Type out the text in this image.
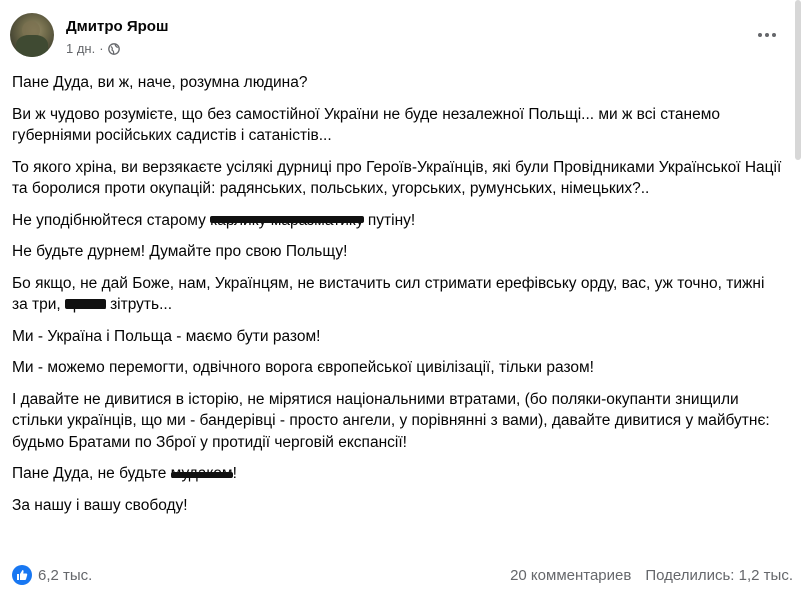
Дмитро Ярош
1 дн. ·

Пане Дуда, ви ж, наче, розумна людина?

Ви ж чудово розумієте, що без самостійної України не буде незалежної Польщі... ми ж всі станемо губерніями російських садистів і сатаністів...

То якого хріна, ви верзякаєте усілякі дурниці про Героїв-Українців, які були Провідниками Української Нації та боролися проти окупацій: радянських, польських, угорських, румунських, німецьких?..

Не уподібнюйтеся старому	путіну!

Не будьте дурнем! Думайте про свою Польщу!

Бо якщо, не дай Боже, нам, Українцям, не вистачить сил стримати ерефівську орду, вас, уж точно, тижні за три,	зітруть...

Ми - Україна і Польща - маємо бути разом!

Ми - можемо перемогти, одвічного ворога європейської цивілізації, тільки разом!

І давайте не дивитися в історію, не мірятися національними втратами, (бо поляки-окупанти знищили стільки українців, що ми - бандерівці - просто ангели, у порівнянні з вами), давайте дивитися у майбутнє: будьмо Братами по Зброї у протидії черговій експансії!

Пане Дуда, не будьте	!

За нашу і вашу свободу!

6,2 тыс.	20 комментариев Поделились: 1,2 тыс.
